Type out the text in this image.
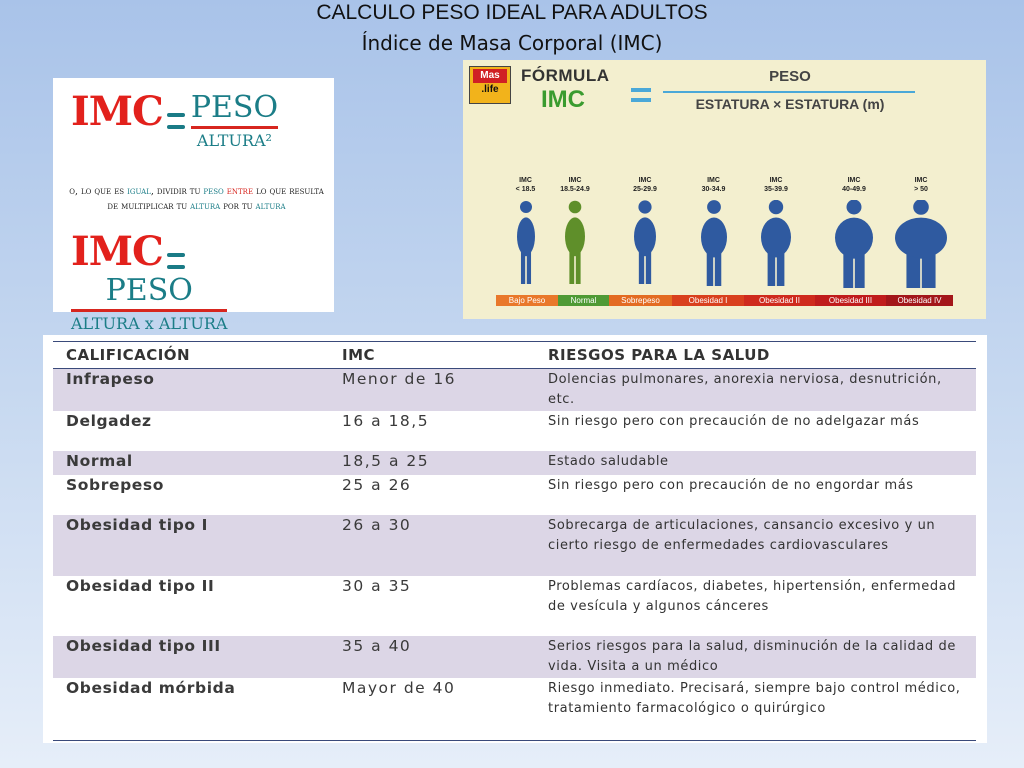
CALCULO PESO IDEAL PARA ADULTOS
Índice de Masa Corporal (IMC)
IMC $\frac{\text{PESO}}{\text{ALTURA²}}$
o, lo que es igual, dividir tu peso entre lo que resulta de multiplicar tu altura por tu altura
IMC
$\frac{\text{PESO}}{\text{ALTURA x ALTURA}}$
Mas
.life
FÓRMULA
IMC
PESO
ESTATURA × ESTATURA (m)
IMC
< 18.5
Bajo Peso
IMC
18.5-24.9
Normal
IMC
25-29.9
Sobrepeso
IMC
30-34.9
Obesidad I
IMC
35-39.9
Obesidad II
IMC
40-49.9
Obesidad III
IMC
> 50
Obesidad IV
CALIFICACIÓN	IMC	RIESGOS PARA LA SALUD
Infrapeso	Menor de 16	Dolencias pulmonares, anorexia nerviosa, desnutrición, etc.
Delgadez	16 a 18,5	Sin riesgo pero con precaución de no adelgazar más
Normal	18,5 a 25	Estado saludable
Sobrepeso	25 a 26	Sin riesgo pero con precaución de no engordar más
Obesidad tipo I	26 a 30	Sobrecarga de articulaciones, cansancio excesivo y un cierto riesgo de enfermedades cardiovasculares
Obesidad tipo II	30 a 35	Problemas cardíacos, diabetes, hipertensión, enfermedad de vesícula y algunos cánceres
Obesidad tipo III	35 a 40	Serios riesgos para la salud, disminución de la calidad de vida. Visita a un médico
Obesidad mórbida	Mayor de 40	Riesgo inmediato. Precisará, siempre bajo control médico, tratamiento farmacológico o quirúrgico
